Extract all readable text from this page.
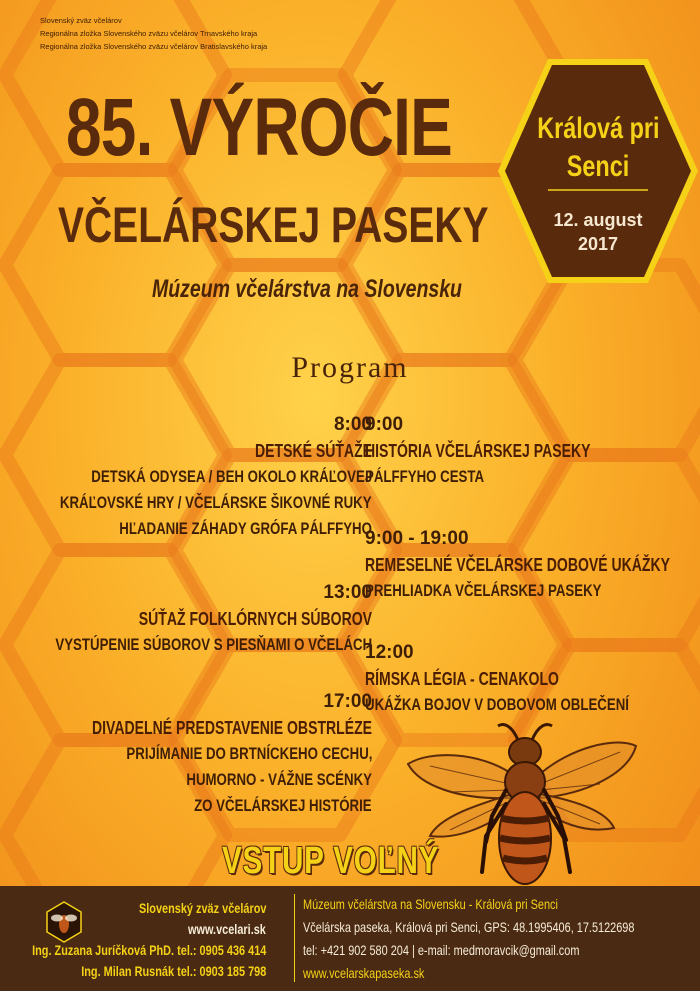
Slovenský zväz včelárov
Regionálna zložka Slovenského zväzu včelárov Trnavského kraja
Regionálna zložka Slovenského zväzu včelárov Bratislavského kraja
85. VÝROČIE
VČELÁRSKEJ PASEKY
Múzeum včelárstva na Slovensku
Králová pri
Senci
12. august
2017
Program
8:00
DETSKÉ SÚŤAŽE
DETSKÁ ODYSEA / BEH OKOLO KRÁĽOVEJ
KRÁĽOVSKÉ HRY / VČELÁRSKE ŠIKOVNÉ RUKY
HĽADANIE ZÁHADY GRÓFA PÁLFFYHO
13:00
SÚŤAŽ FOLKLÓRNYCH SÚBOROV
VYSTÚPENIE SÚBOROV S PIESŇAMI O VČELÁCH
17:00
DIVADELNÉ PREDSTAVENIE OBSTRLÉZE
PRIJÍMANIE DO BRTNÍCKEHO CECHU,
HUMORNO - VÁŽNE SCÉNKY
ZO VČELÁRSKEJ HISTÓRIE
9:00
HISTÓRIA VČELÁRSKEJ PASEKY
PÁLFFYHO CESTA
9:00 - 19:00
REMESELNÉ VČELÁRSKE DOBOVÉ UKÁŽKY
PREHLIADKA VČELÁRSKEJ PASEKY
12:00
RÍMSKA LÉGIA - CENAKOLO
UKÁŽKA BOJOV V DOBOVOM OBLEČENÍ
VSTUP VOĽNÝ
Slovenský zväz včelárov
www.vcelari.sk
Ing. Zuzana Juríčková PhD. tel.: 0905 436 414
Ing. Milan Rusnák tel.: 0903 185 798
Múzeum včelárstva na Slovensku - Králová pri Senci
Včelárska paseka, Králová pri Senci, GPS: 48.1995406, 17.5122698
tel: +421 902 580 204 | e-mail: medmoravcik@gmail.com
www.vcelarskapaseka.sk
